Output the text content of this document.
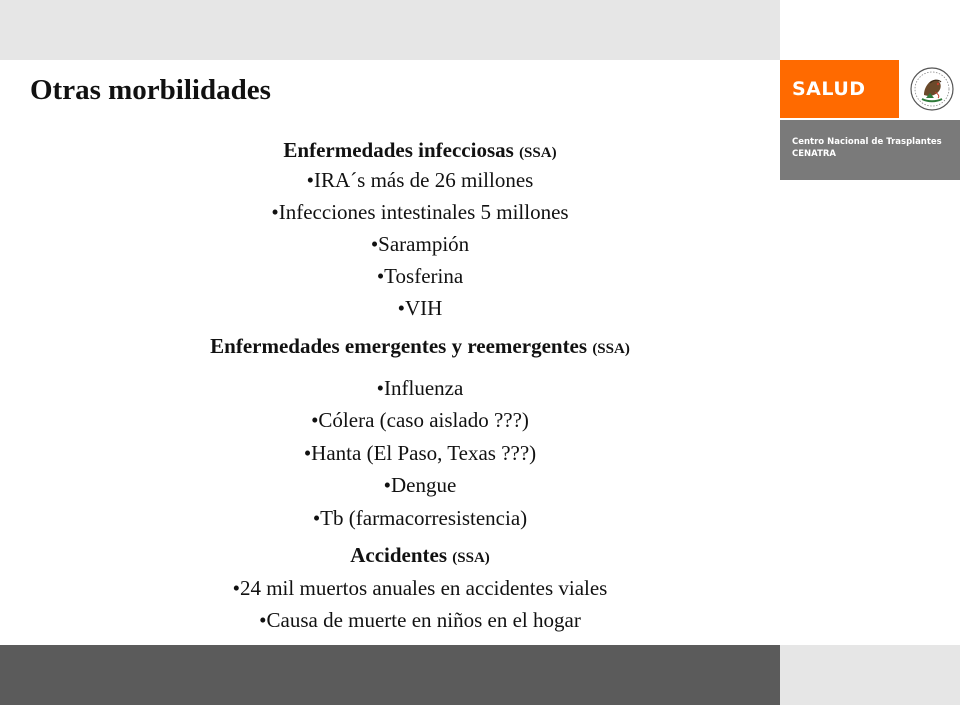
SALUD
Centro Nacional de Trasplantes
CENATRA
Otras morbilidades
Enfermedades infecciosas (SSA)
•IRA´s más de 26 millones
•Infecciones intestinales 5 millones
•Sarampión
•Tosferina
•VIH
Enfermedades emergentes y reemergentes (SSA)
•Influenza
•Cólera (caso aislado ???)
•Hanta (El Paso, Texas ???)
•Dengue
•Tb (farmacorresistencia)
Accidentes (SSA)
•24 mil muertos anuales en accidentes viales
•Causa de muerte en niños en el hogar
